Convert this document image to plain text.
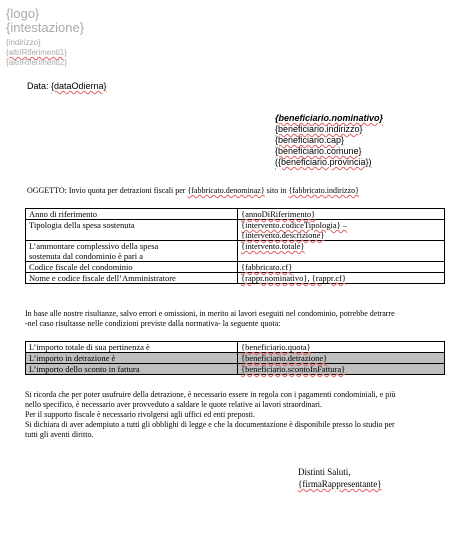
{logo}
{intestazione}
{indirizzo}
{altriRiferimenti1}
{altriRiferimenti2}
Data: {dataOdierna}
{beneficiario.nominativo}
{beneficiario.indirizzo}
{beneficiario.cap}
{beneficiario.comune}
({beneficiario.provincia})
OGGETTO: Invio quota per detrazioni fiscali per {fabbricato.denominaz} sito in {fabbricato.indirizzo}
Anno di riferimento	{annoDiRiferimento}
Tipologia della spesa sostenuta	{intervento.codiceTipologia} –
{intervento.descrizione}

L’ammontare complessivo della spesa
sostenuta dal condominio è pari a	{intervento.totale}
Codice fiscale del condominio	{fabbricato.cf}
Nome e codice fiscale dell’Amministratore	{rappr.nominativo}, {rappr.cf}
In base alle nostre risultanze, salvo errori e omissioni, in merito ai lavori eseguiti nel condominio, potrebbe detrarre
-nel caso risultasse nelle condizioni previste dalla normativa- la seguente quota:
L’importo totale di sua pertinenza è	{beneficiario.quota}
L’importo in detrazione è	{beneficiario.detrazione}
L’importo dello sconto in fattura	{beneficiario.scontoInFattura}
Si ricorda che per poter usufruire della detrazione, è necessario essere in regola con i pagamenti condominiali, e più
nello specifico, è necessario aver provveduto a saldare le quote relative ai lavori straordinari.
Per il supporto fiscale è necessario rivolgersi agli uffici ed enti preposti.
Si dichiara di aver adempiuto a tutti gli obblighi di legge e che la documentazione è disponibile presso lo studio per
tutti gli aventi diritto.
Distinti Saluti,
{firmaRappresentante}
